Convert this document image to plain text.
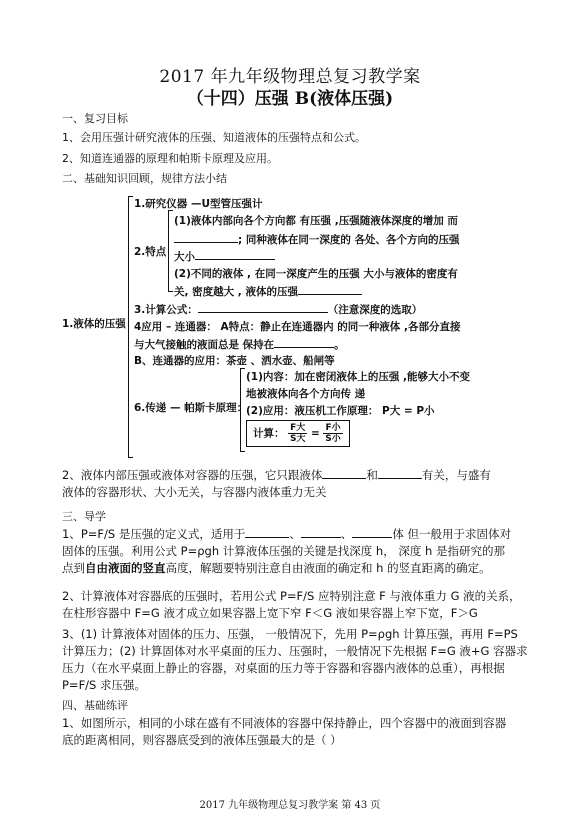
2017 年九年级物理总复习教学案
（十四）压强 B(液体压强)
一、复习目标
1、会用压强计研究液体的压强、知道液体的压强特点和公式。
2、知道连通器的原理和帕斯卡原理及应用。
二、基础知识回顾，规律方法小结
1.液体的压强
1.研究仪器 —U型管压强计
2.特点
(1)液体内部向各个方向都 有压强 ,压强随液体深度的增加 而
; 同种液体在同一深度的 各处、各个方向的压强
大小
(2)不同的液体 , 在同一深度产生的压强 大小与液体的密度有
关, 密度越大 , 液体的压强
3.计算公式：	（注意深度的选取）
4应用 – 连通器： A特点：静止在连通器内 的同一种液体 ,各部分直接
与大气接触的液面总是 保持在	。
B、连通器的应用：茶壶 、洒水壶、船闸等
6.传递 — 帕斯卡原理：
(1)内容：加在密闭液体上的压强 ,能够大小不变
地被液体向各个方向传 递
(2)应用：液压机工作原理： P大 = P小
计算： $\frac{\text{F大}}{\text{S大}} = \frac{\text{F小}}{\text{S小}}$
2、液体内部压强或液体对容器的压强，它只跟液体	和	有关，与盛有
液体的容器形状、大小无关，与容器内液体重力无关
三、导学
1、P=F/S 是压强的定义式，适用于	、	、	体 但一般用于求固体对
固体的压强。利用公式 P=ρgh 计算液体压强的关键是找深度 h， 深度 h 是指研究的那
点到自由液面的竖直高度，解题要特别注意自由液面的确定和 h 的竖直距离的确定。
2、计算液体对容器底的压强时，若用公式 P=F/S 应特别注意 F 与液体重力 G 液的关系，
在柱形容器中 F=G 液才成立如果容器上宽下窄 F＜G 液如果容器上窄下宽，F＞G
3、(1) 计算液体对固体的压力、压强， 一般情况下，先用 P=ρgh 计算压强，再用 F=PS
计算压力；(2) 计算固体对水平桌面的压力、压强时，一般情况下先根据 F=G 液+G 容器求
压力（在水平桌面上静止的容器，对桌面的压力等于容器和容器内液体的总重），再根据
P=F/S 求压强。
四、基础练评
1、如图所示，相同的小球在盛有不同液体的容器中保持静止，四个容器中的液面到容器
底的距离相同，则容器底受到的液体压强最大的是（ ）
2017 九年级物理总复习教学案 第 43 页
